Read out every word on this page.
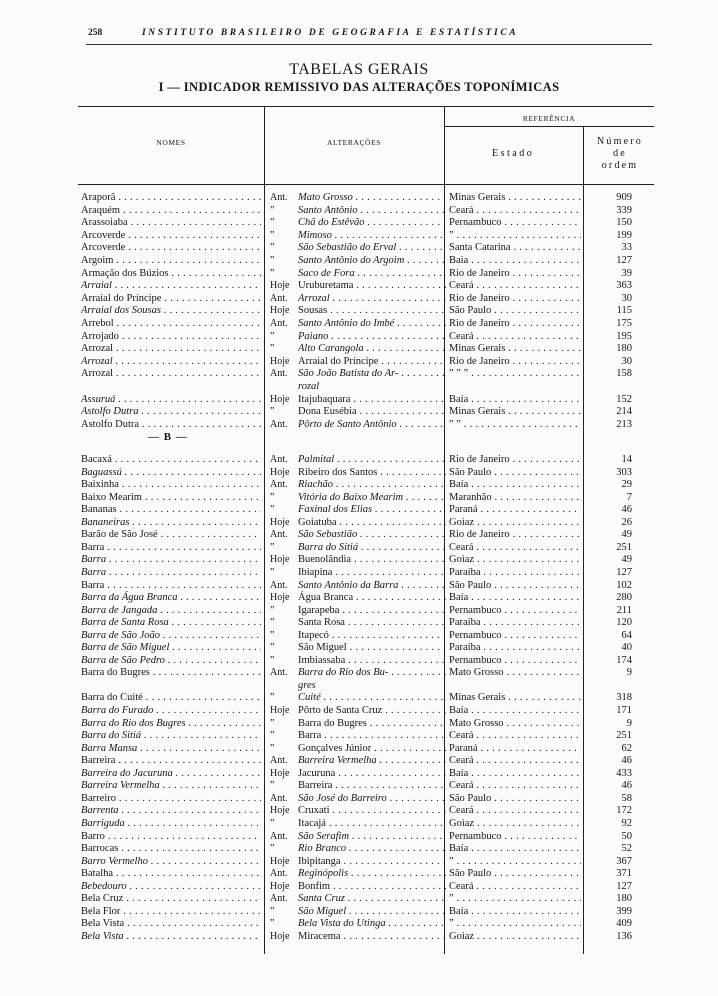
258	INSTITUTO BRASILEIRO DE GEOGRAFIA E ESTATÍSTICA
TABELAS GERAIS
I — INDICADOR REMISSIVO DAS ALTERAÇÕES TOPONÍMICAS
NOMES	ALTERAÇÕES
REFERÊNCIA
Estado
Número
de
ordem
Araporã . . .	Ant.	Mato Grosso . . .	Minas Gerais . . .	909
Araquém . . .	”	Santo Antônio . . .	Ceará . . .	339
Arassoiaba . . .	”	Chã do Estêvão . . .	Pernambuco . . .	150
Arcoverde . . .	”	Mimoso . . .	” . . .	199
Arcoverde . . .	”	São Sebastião do Erval . . .	Santa Catarina . . .	33
Argoim . . .	”	Santo Antônio do Argoim . . .	Baia . . .	127
Armação dos Búzios . . .	”	Saco de Fora . . .	Rio de Janeiro . . .	39
Arraial . . .	Hoje Uruburetama . . .	Ceará . . .	363
Arraial do Príncipe . . .	Ant.	Arrozal . . .	Rio de Janeiro . . .	30
Arraial dos Sousas . . .	Hoje Sousas . . .	São Paulo . . .	115
Arrebol . . .	Ant.	Santo Antônio do Imbé . . .	Rio de Janeiro . . .	175
Arrojado . . .	”	Paiano . . .	Ceará . . .	195
Arrozal . . .	”	Alto Carangola . . .	Minas Gerais . . .	180
Arrozal . . .	Hoje Arraial do Príncipe . . .	Rio de Janeiro . . .	30
Arrozal . . .	Ant.	São João Batista do Ar- . . .	” ” ” . . .	158
rozal
Assuruá . . .	Hoje Itajubaquara . . .	Baía . . .	152
Astolfo Dutra . . .	”	Dona Eusébia . . .	Minas Gerais . . .	214
Astolfo Dutra . . .	Ant.	Pôrto de Santo Antônio . . .	” ” . . .	213
— B —
Bacaxá . . .	Ant.	Palmital . . .	Rio de Janeiro . . .	14
Baguassú . . .	Hoje Ribeiro dos Santos . . .	São Paulo . . .	303
Baixinha . . .	Ant.	Riachão . . .	Baía . . .	29
Baixo Mearim . . .	”	Vitória do Baixo Mearim . . .	Maranhão . . .	7
Bananas . . .	”	Faxinal dos Elias . . .	Paraná . . .	46
Bananeiras . . .	Hoje Goiatuba . . .	Goiaz . . .	26
Barão de São José . . .	Ant.	São Sebastião . . .	Rio de Janeiro . . .	49
Barra . . .	”	Barra do Sitiá . . .	Ceará . . .	251
Barra . . .	Hoje Buenolândia . . .	Goiaz . . .	49
Barra . . .	”	Ibiapina . . .	Paraíba . . .	127
Barra . . .	Ant.	Santo Antônio da Barra . . .	São Paulo . . .	102
Barra da Água Branca . . .	Hoje Água Branca . . .	Baía . . .	280
Barra de Jangada . . .	”	Igarapeba . . .	Pernambuco . . .	211
Barra de Santa Rosa . . .	”	Santa Rosa . . .	Paraíba . . .	120
Barra de São João . . .	”	Itapecó . . .	Pernambuco . . .	64
Barra de São Miguel . . .	”	São Miguel . . .	Paraíba . . .	40
Barra de São Pedro . . .	”	Imbiassaba . . .	Pernambuco . . .	174
Barra do Bugres . . .	Ant.	Barra do Rio dos Bu- . . .	Mato Grosso . . .	9
gres
Barra do Cuité . . .	”	Cuité . . .	Minas Gerais . . .	318
Barra do Furado . . .	Hoje Pôrto de Santa Cruz . . .	Baía . . .	171
Barra do Rio dos Bugres . . .	”	Barra do Bugres . . .	Mato Grosso . . .	9
Barra do Sitiá . . .	”	Barra . . .	Ceará . . .	251
Barra Mansa . . .	”	Gonçalves Júnior . . .	Paraná . . .	62
Barreira . . .	Ant.	Barreira Vermelha . . .	Ceará . . .	46
Barreira do Jacuruna . . .	Hoje Jacuruna . . .	Baía . . .	433
Barreira Vermelha . . .	”	Barreira . . .	Ceará . . .	46
Barreiro . . .	Ant.	São José do Barreiro . . .	São Paulo . . .	58
Barrenta . . .	Hoje Cruxati . . .	Ceará . . .	172
Barriguda . . .	”	Itacajá . . .	Goiaz . . .	92
Barro . . .	Ant.	São Serafim . . .	Pernambuco . . .	50
Barrocas . . .	”	Rio Branco . . .	Baía . . .	52
Barro Vermelho . . .	Hoje Ibipitanga . . .	” . . .	367
Batalha . . .	Ant.	Reginópolis . . .	São Paulo . . .	371
Bebedouro . . .	Hoje Bonfim . . .	Ceará . . .	127
Bela Cruz . . .	Ant.	Santa Cruz . . .	” . . .	180
Bela Flor . . .	”	São Miguel . . .	Baía . . .	399
Bela Vista . . .	”	Bela Vista do Utinga . . .	” . . .	409
Bela Vista . . .	Hoje Miracema . . .	Goiaz . . .	136
